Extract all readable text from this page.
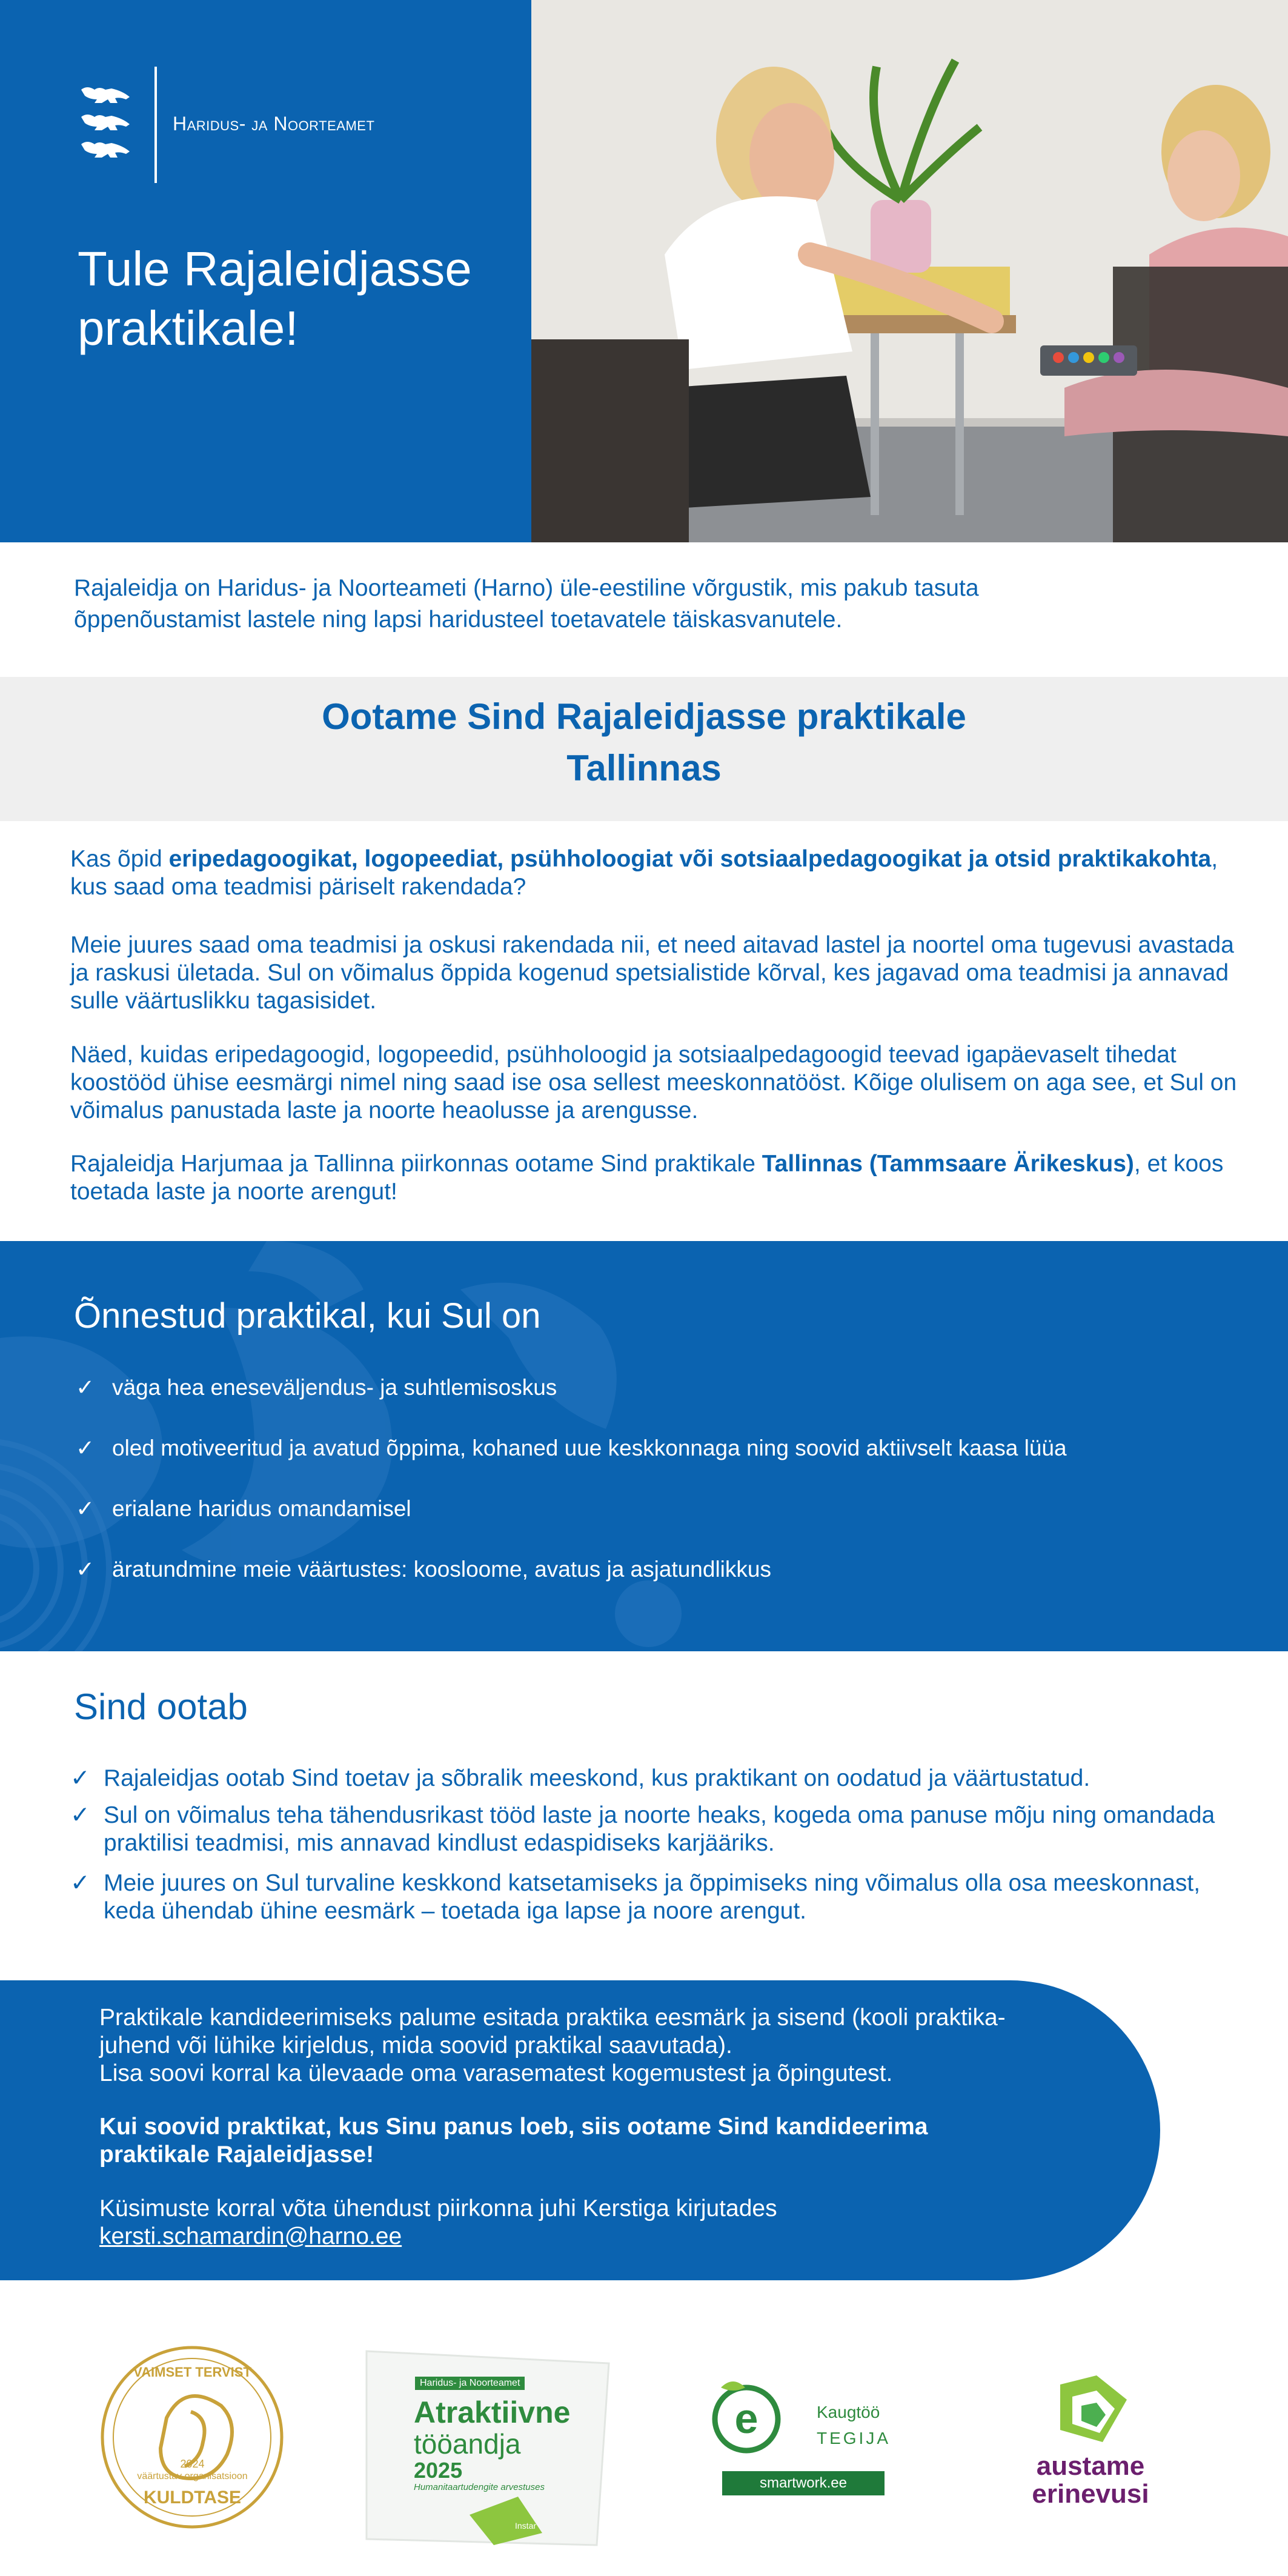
Haridus- ja Noorteamet
Tule Rajaleidjasse praktikale!

Rajaleidja on Haridus- ja Noorteameti (Harno) üle-eestiline võrgustik, mis pakub tasuta õppenõustamist lastele ning lapsi haridusteel toetavatele täiskasvanutele.

Ootame Sind Rajaleidjasse praktikale
Tallinnas

Kas õpid eripedagoogikat, logopeediat, psühholoogiat või sotsiaalpedagoogikat ja otsid praktikakohta, kus saad oma teadmisi päriselt rakendada?

Meie juures saad oma teadmisi ja oskusi rakendada nii, et need aitavad lastel ja noortel oma tugevusi avastada ja raskusi ületada. Sul on võimalus õppida kogenud spetsialistide kõrval, kes jagavad oma teadmisi ja annavad sulle väärtuslikku tagasisidet.

Näed, kuidas eripedagoogid, logopeedid, psühholoogid ja sotsiaalpedagoogid teevad igapäevaselt tihedat koostööd ühise eesmärgi nimel ning saad ise osa sellest meeskonnatööst. Kõige olulisem on aga see, et Sul on võimalus panustada laste ja noorte heaolusse ja arengusse.

Rajaleidja Harjumaa ja Tallinna piirkonnas ootame Sind praktikale Tallinnas (Tammsaare Ärikeskus), et koos toetada laste ja noorte arengut!

Õnnestud praktikal, kui Sul on
✓ väga hea eneseväljendus- ja suhtlemisoskus
✓ oled motiveeritud ja avatud õppima, kohaned uue keskkonnaga ning soovid aktiivselt kaasa lüüa
✓ erialane haridus omandamisel
✓ äratundmine meie väärtustes: koosloome, avatus ja asjatundlikkus
Sind ootab
✓ Rajaleidjas ootab Sind toetav ja sõbralik meeskond, kus praktikant on oodatud ja väärtustatud.
✓ Sul on võimalus teha tähendusrikast tööd laste ja noorte heaks, kogeda oma panuse mõju ning omandada praktilisi teadmisi, mis annavad kindlust edaspidiseks karjääriks.
✓ Meie juures on Sul turvaline keskkond katsetamiseks ja õppimiseks ning võimalus olla osa meeskonnast, keda ühendab ühine eesmärk – toetada iga lapse ja noore arengut.
Praktikale kandideerimiseks palume esitada praktika eesmärk ja sisend (kooli praktika-
juhend või lühike kirjeldus, mida soovid praktikal saavutada).
Lisa soovi korral ka ülevaade oma varasematest kogemustest ja õpingutest.
Kui soovid praktikat, kus Sinu panus loeb, siis ootame Sind kandideerima
praktikale Rajaleidjasse!
Küsimuste korral võta ühendust piirkonna juhi Kerstiga kirjutades
kersti.schamardin@harno.ee
VAIMSET TERVIST
väärtustav organisatsioon
2024
KULDTASE
Haridus- ja Noorteamet
Atraktiivne
tööandja
2025
Humanitaartudengite arvestuses
Instar
e	Kaugtöö
TEGIJA
smartwork.ee
austame
erinevusi
